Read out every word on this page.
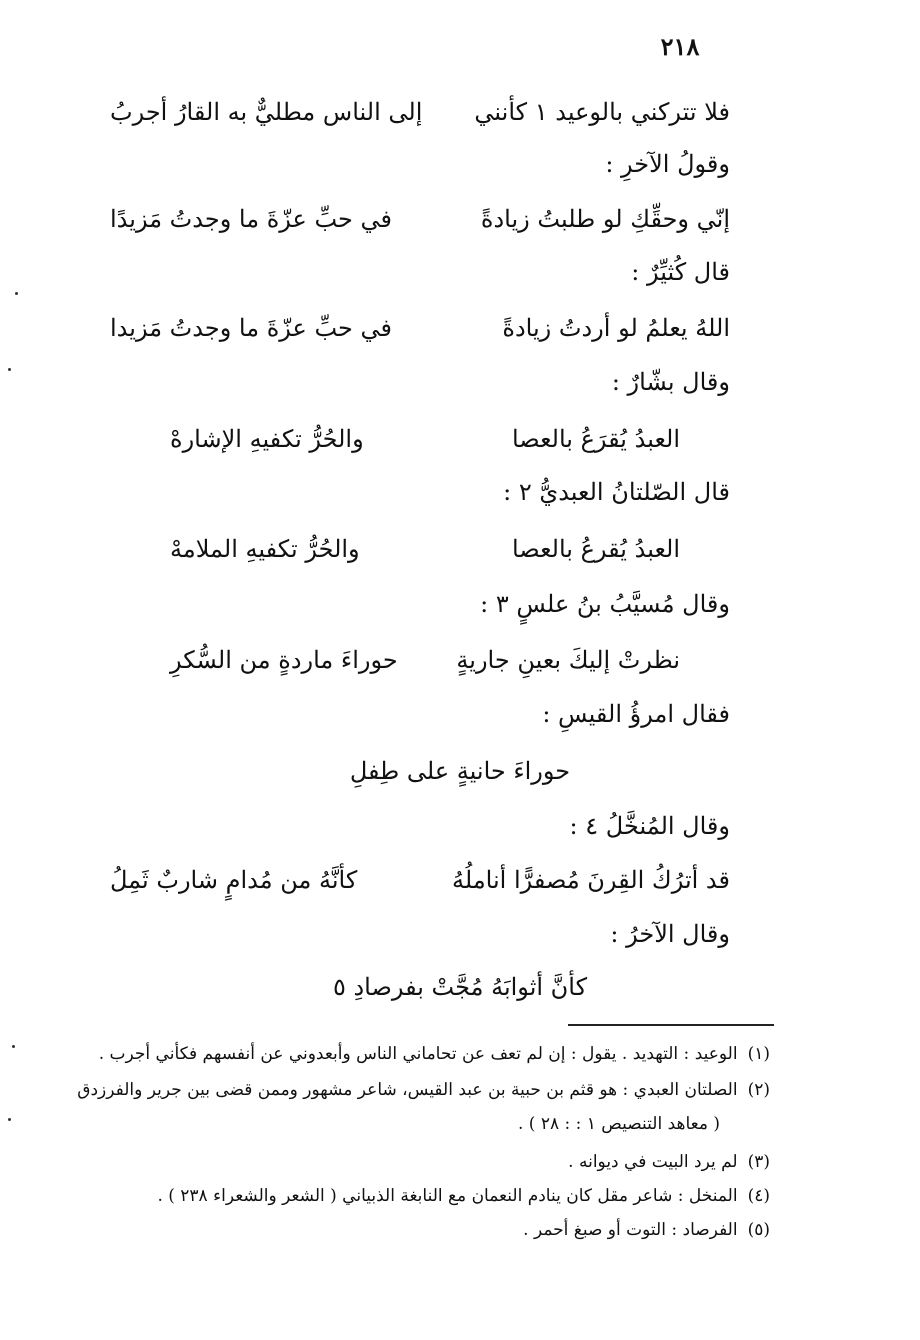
٢١٨
فلا تتركني بالوعيد ١ كأنني
إلى الناس مطليٌّ به القارُ أجربُ
وقولُ الآخرِ :
إنّي وحقِّكِ لو طلبتُ زيادةً
في حبِّ عزّةَ ما وجدتُ مَزيدًا
قال كُثيِّرٌ :
اللهُ يعلمُ لو أردتُ زيادةً
في حبِّ عزّةَ ما وجدتُ مَزيدا
وقال بشّارٌ :
العبدُ يُقرَعُ بالعصا
والحُرُّ تكفيهِ الإشارهْ
قال الصّلتانُ العبديُّ ٢ :
العبدُ يُقرعُ بالعصا
والحُرُّ تكفيهِ الملامهْ
وقال مُسيَّبُ بنُ علسٍ ٣ :
نظرتْ إليكَ بعينِ جاريةٍ
حوراءَ ماردةٍ من السُّكرِ
فقال امرؤُ القيسِ :
حوراءَ حانيةٍ على طِفلِ
وقال المُنخَّلُ ٤ :
قد أترُكُ القِرنَ مُصفرًّا أناملُهُ
كأنَّهُ من مُدامٍ شاربٌ ثَمِلُ
وقال الآخرُ :
كأنَّ أثوابَهُ مُجَّتْ بفرصادِ ٥
(١)الوعيد : التهديد . يقول : إن لم تعف عن تحاماني الناس وأبعدوني عن أنفسهم فكأني أجرب .
(٢)الصلتان العبدي : هو قثم بن حبية بن عبد القيس، شاعر مشهور وممن قضى بين جرير والفرزدق
( معاهد التنصيص ١ : : ٢٨ ) .
(٣)لم يرد البيت في ديوانه .
(٤)المنخل : شاعر مقل كان ينادم النعمان مع النابغة الذبياني ( الشعر والشعراء ٢٣٨ ) .
(٥)الفرصاد : التوت أو صبغ أحمر .
